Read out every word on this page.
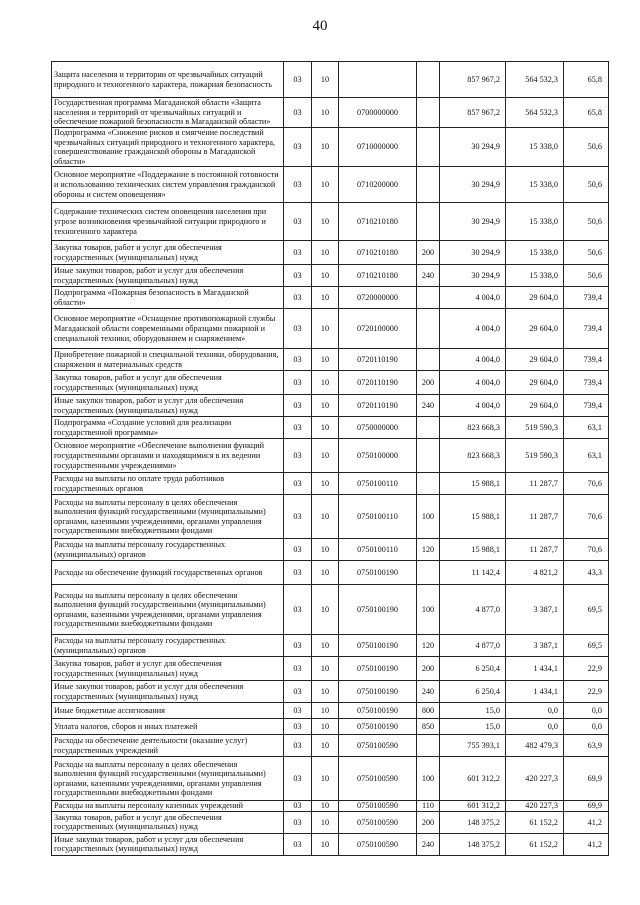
40
Защита населения и территории от чрезвычайных ситуаций природного и техногенного характера, пожарная безопасность	03	10			857 967,2	564 532,3	65,8
Государственная программа Магаданской области «Защита населения и территорий от чрезвычайных ситуаций и обеспечение пожарной безопасности в Магаданской области»	03	10	0700000000		857 967,2	564 532,3	65,8
Подпрограмма «Снижение рисков и смягчение последствий чрезвычайных ситуаций природного и техногенного характера, совершенствование гражданской обороны в Магаданской области»	03	10	0710000000		30 294,9	15 338,0	50,6
Основное мероприятие «Поддержание в постоянной готовности и использованию технических систем управления гражданской обороны и систем оповещения»	03	10	0710200000		30 294,9	15 338,0	50,6
Содержание технических систем оповещения населения при угрозе возникновения чрезвычайной ситуации природного и техногенного характера	03	10	0710210180		30 294,9	15 338,0	50,6
Закупка товаров, работ и услуг для обеспечения государственных (муниципальных) нужд	03	10	0710210180	200	30 294,9	15 338,0	50,6
Иные закупки товаров, работ и услуг для обеспечения государственных (муниципальных) нужд	03	10	0710210180	240	30 294,9	15 338,0	50,6
Подпрограмма «Пожарная безопасность в Магаданской области»	03	10	0720000000		4 004,0	29 604,0	739,4
Основное мероприятие «Оснащение противопожарной службы Магаданской области современными образцами пожарной и специальной техники, оборудованием и снаряжением»	03	10	0720100000		4 004,0	29 604,0	739,4
Приобретение пожарной и специальной техники, оборудования, снаряжения и материальных средств	03	10	0720110190		4 004,0	29 604,0	739,4
Закупка товаров, работ и услуг для обеспечения государственных (муниципальных) нужд	03	10	0720110190	200	4 004,0	29 604,0	739,4
Иные закупки товаров, работ и услуг для обеспечения государственных (муниципальных) нужд	03	10	0720110190	240	4 004,0	29 604,0	739,4
Подпрограмма «Создание условий для реализации государственной программы»	03	10	0750000000		823 668,3	519 590,3	63,1
Основное мероприятие «Обеспечение выполнения функций государственными органами и находящимися в их ведении государственными учреждениями»	03	10	0750100000		823 668,3	519 590,3	63,1
Расходы на выплаты по оплате труда работников государственных органов	03	10	0750100110		15 988,1	11 287,7	70,6
Расходы на выплаты персоналу в целях обеспечения выполнения функций государственными (муниципальными) органами, казенными учреждениями, органами управления государственными внебюджетными фондами	03	10	0750100110	100	15 988,1	11 287,7	70,6
Расходы на выплаты персоналу государственных (муниципальных) органов	03	10	0750100110	120	15 988,1	11 287,7	70,6
Расходы на обеспечение функций государственных органов	03	10	0750100190		11 142,4	4 821,2	43,3
Расходы на выплаты персоналу в целях обеспечения выполнения функций государственными (муниципальными) органами, казенными учреждениями, органами управления государственными внебюджетными фондами	03	10	0750100190	100	4 877,0	3 387,1	69,5
Расходы на выплаты персоналу государственных (муниципальных) органов	03	10	0750100190	120	4 877,0	3 387,1	69,5
Закупка товаров, работ и услуг для обеспечения государственных (муниципальных) нужд	03	10	0750100190	200	6 250,4	1 434,1	22,9
Иные закупки товаров, работ и услуг для обеспечения государственных (муниципальных) нужд	03	10	0750100190	240	6 250,4	1 434,1	22,9
Иные бюджетные ассигнования	03	10	0750100190	800	15,0	0,0	0,0
Уплата налогов, сборов и иных платежей	03	10	0750100190	850	15,0	0,0	0,0
Расходы на обеспечение деятельности (оказание услуг) государственных учреждений	03	10	0750100590		755 393,1	482 479,3	63,9
Расходы на выплаты персоналу в целях обеспечения выполнения функций государственными (муниципальными) органами, казенными учреждениями, органами управления государственными внебюджетными фондами	03	10	0750100590	100	601 312,2	420 227,3	69,9
Расходы на выплаты персоналу казенных учреждений	03	10	0750100590	110	601 312,2	420 227,3	69,9
Закупка товаров, работ и услуг для обеспечения государственных (муниципальных) нужд	03	10	0750100590	200	148 375,2	61 152,2	41,2
Иные закупки товаров, работ и услуг для обеспечения государственных (муниципальных) нужд	03	10	0750100590	240	148 375,2	61 152,2	41,2
